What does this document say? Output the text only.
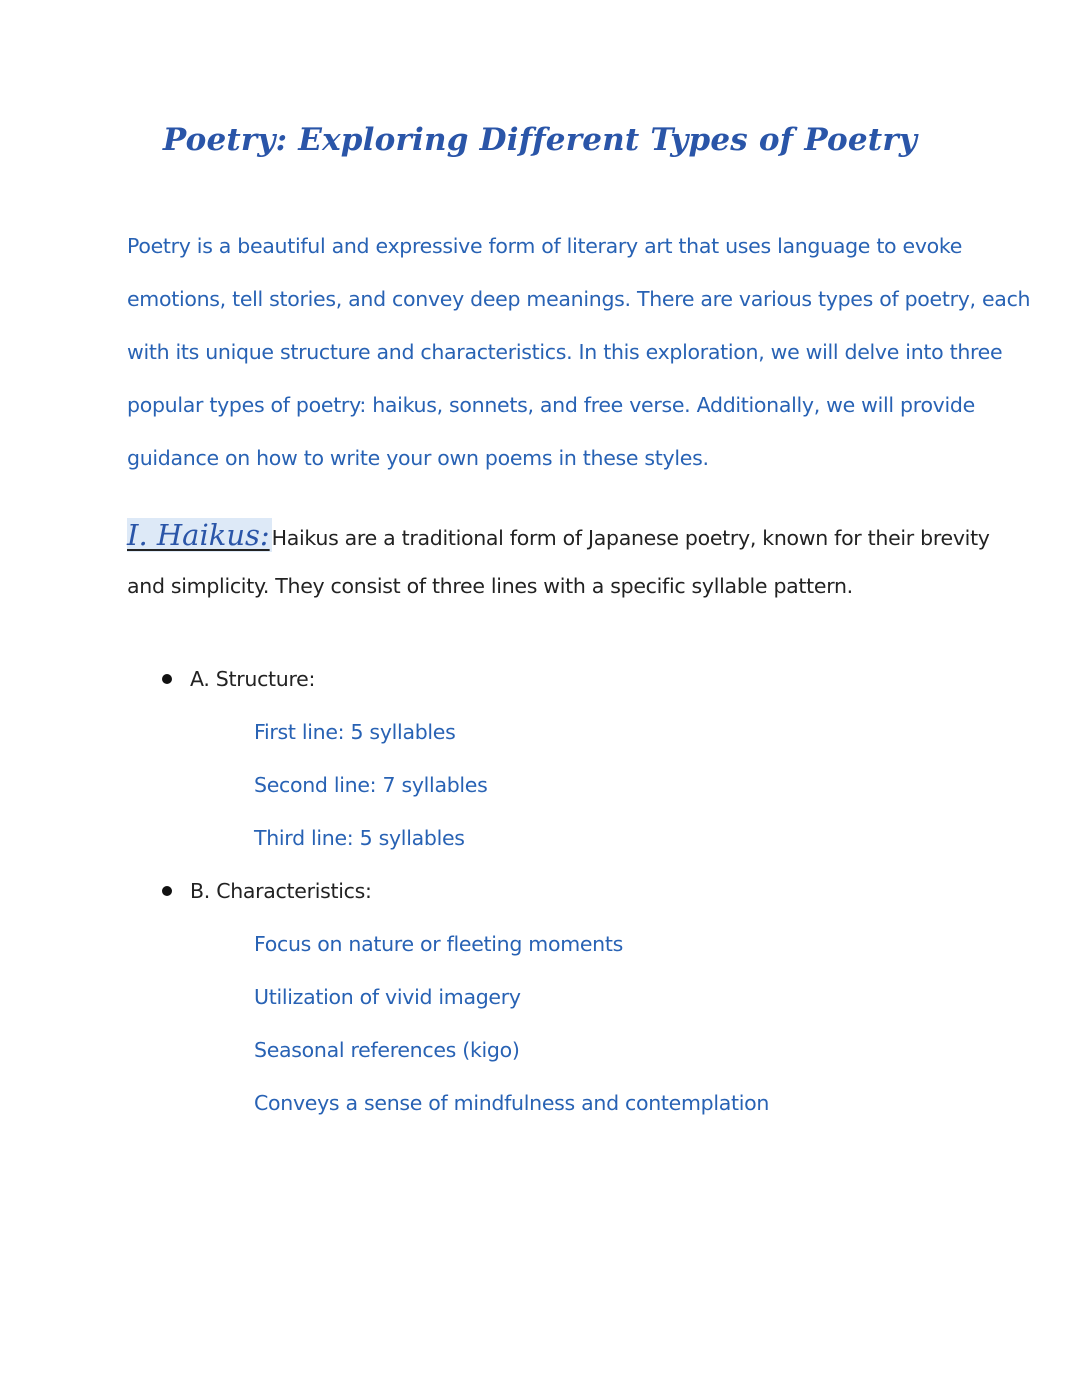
Poetry: Exploring Different Types of Poetry
Poetry is a beautiful and expressive form of literary art that uses language to evoke
emotions, tell stories, and convey deep meanings. There are various types of poetry, each
with its unique structure and characteristics. In this exploration, we will delve into three
popular types of poetry: haikus, sonnets, and free verse. Additionally, we will provide
guidance on how to write your own poems in these styles.
I. Haikus:Haikus are a traditional form of Japanese poetry, known for their brevity
and simplicity. They consist of three lines with a specific syllable pattern.
A. Structure:
First line: 5 syllables
Second line: 7 syllables
Third line: 5 syllables
B. Characteristics:
Focus on nature or fleeting moments
Utilization of vivid imagery
Seasonal references (kigo)
Conveys a sense of mindfulness and contemplation
